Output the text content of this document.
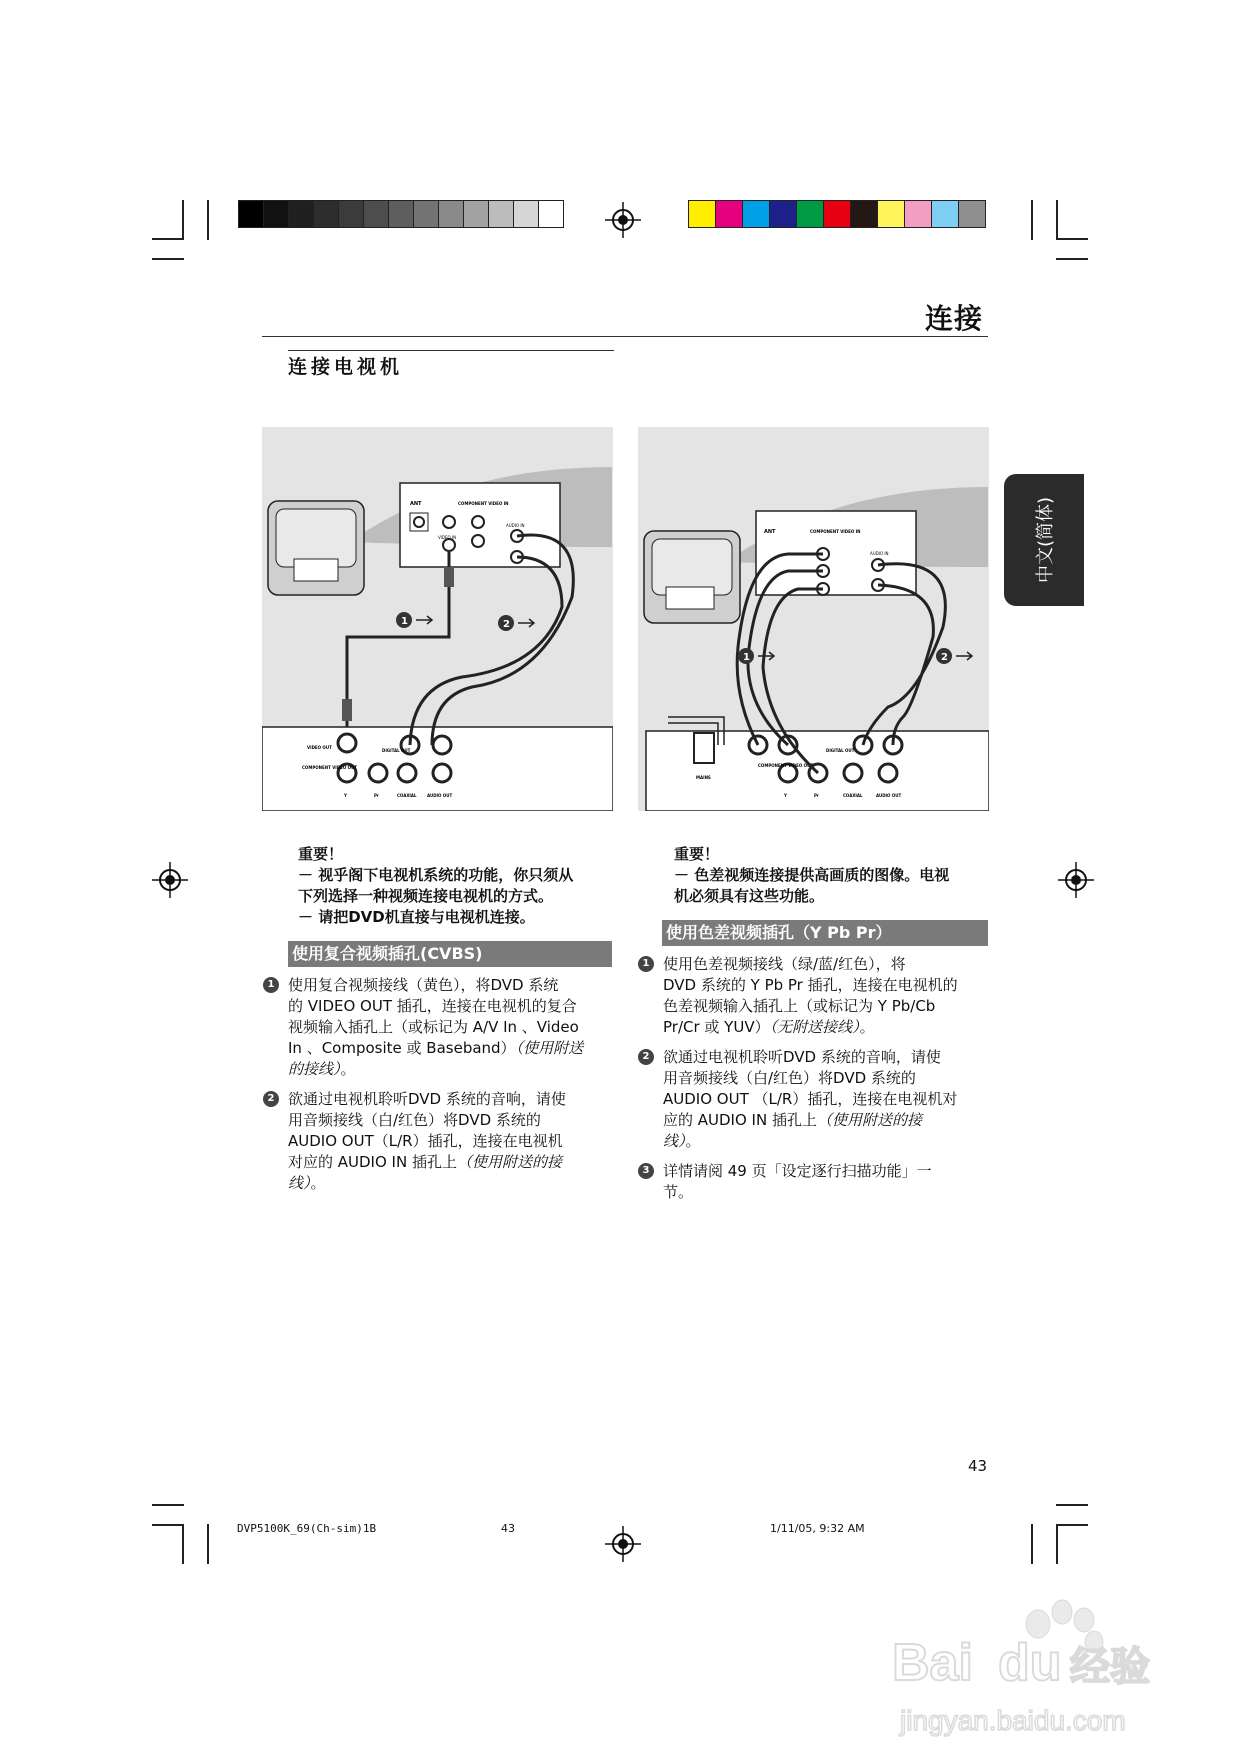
连接
连接电视机
中文(简体)
ANT	COMPONENT VIDEO IN
VIDEO IN
AUDIO IN
VIDEO OUT
DIGITAL OUT
COMPONENT VIDEO OUT
Y	Pr	COAXIAL	AUDIO OUT
1	2
ANT	COMPONENT VIDEO IN
AUDIO IN
MAINS
COMPONENT VIDEO OUT
DIGITAL OUT
Y	Pr	COAXIAL	AUDIO OUT
1	2
重要！
－ 视乎阁下电视机系统的功能，你只须从
下列选择一种视频连接电视机的方式。
－ 请把DVD机直接与电视机连接。
使用复合视频插孔(CVBS)
1 使用复合视频接线（黄色），将DVD 系统
的 VIDEO OUT 插孔，连接在电视机的复合
视频输入插孔上（或标记为 A/V In 、Video
In 、Composite 或 Baseband）（使用附送
的接线）。
2 欲通过电视机聆听DVD 系统的音响，请使
用音频接线（白/红色）将DVD 系统的
AUDIO OUT（L/R）插孔，连接在电视机
对应的 AUDIO IN 插孔上（使用附送的接
线）。
重要！
－ 色差视频连接提供高画质的图像。电视
机必须具有这些功能。
使用色差视频插孔（Y Pb Pr）
1 使用色差视频接线（绿/蓝/红色），将
DVD 系统的 Y Pb Pr 插孔，连接在电视机的
色差视频输入插孔上（或标记为 Y Pb/Cb
Pr/Cr 或 YUV）（无附送接线）。
2 欲通过电视机聆听DVD 系统的音响，请使
用音频接线（白/红色）将DVD 系统的
AUDIO OUT （L/R）插孔，连接在电视机对
应的 AUDIO IN 插孔上（使用附送的接
线）。
3 详情请阅 49 页「设定逐行扫描功能」一
节。
43
DVP5100K_69(Ch-sim)1B	43	1/11/05, 9:32 AM
Bai du 经验
jingyan.baidu.com
